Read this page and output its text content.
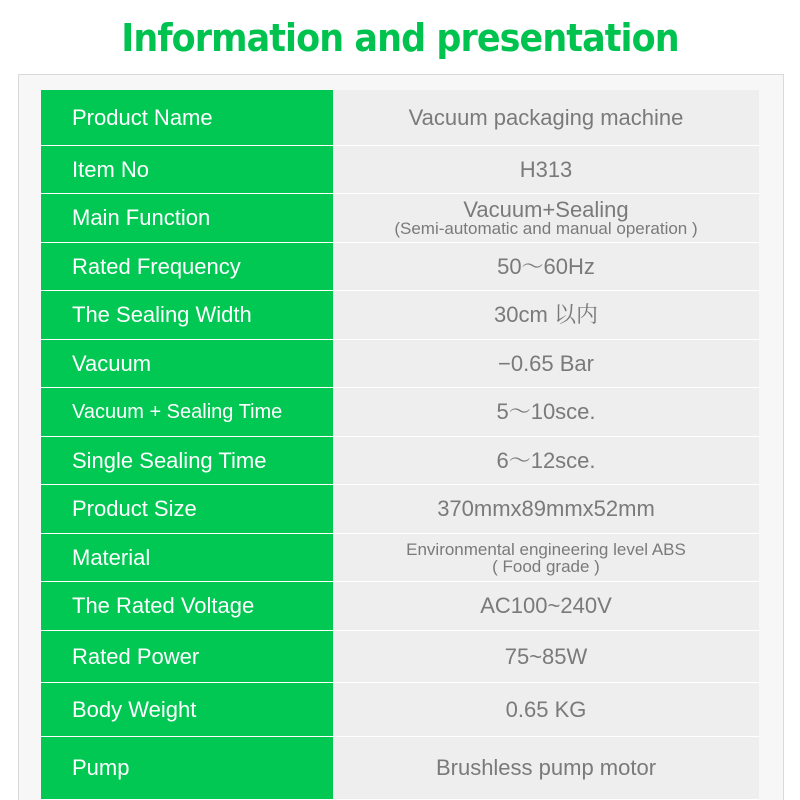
Information and presentation
Product Name	Vacuum packaging machine
Item No	H313
Main Function	Vacuum+Sealing
(Semi-automatic and manual operation )
Rated Frequency	50～60Hz
The Sealing Width	30cm 以内
Vacuum	−0.65 Bar
Vacuum + Sealing Time	5～10sce.
Single Sealing Time	6～12sce.
Product Size	370mmx89mmx52mm
Material	Environmental engineering level ABS
( Food grade )
The Rated Voltage	AC100~240V
Rated Power	75~85W
Body Weight	0.65 KG
Pump	Brushless pump motor
